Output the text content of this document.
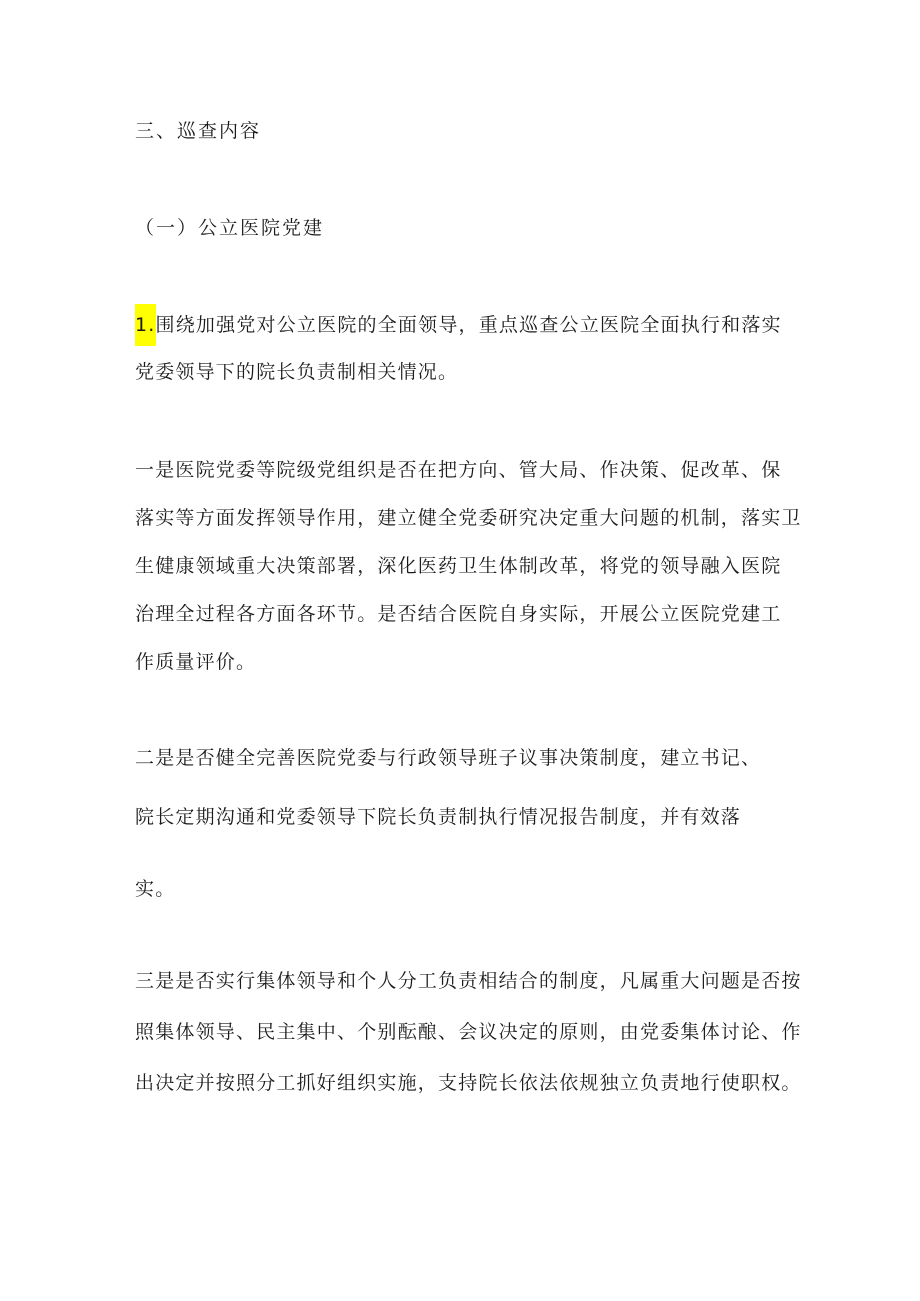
三、巡查内容
（一）公立医院党建
1.围绕加强党对公立医院的全面领导，重点巡查公立医院全面执行和落实
党委领导下的院长负责制相关情况。
一是医院党委等院级党组织是否在把方向、管大局、作决策、促改革、保
落实等方面发挥领导作用，建立健全党委研究决定重大问题的机制，落实卫
生健康领域重大决策部署，深化医药卫生体制改革，将党的领导融入医院
治理全过程各方面各环节。是否结合医院自身实际，开展公立医院党建工
作质量评价。
二是是否健全完善医院党委与行政领导班子议事决策制度，建立书记、
院长定期沟通和党委领导下院长负责制执行情况报告制度，并有效落
实。
三是是否实行集体领导和个人分工负责相结合的制度，凡属重大问题是否按
照集体领导、民主集中、个别酝酿、会议决定的原则，由党委集体讨论、作
出决定并按照分工抓好组织实施，支持院长依法依规独立负责地行使职权。
